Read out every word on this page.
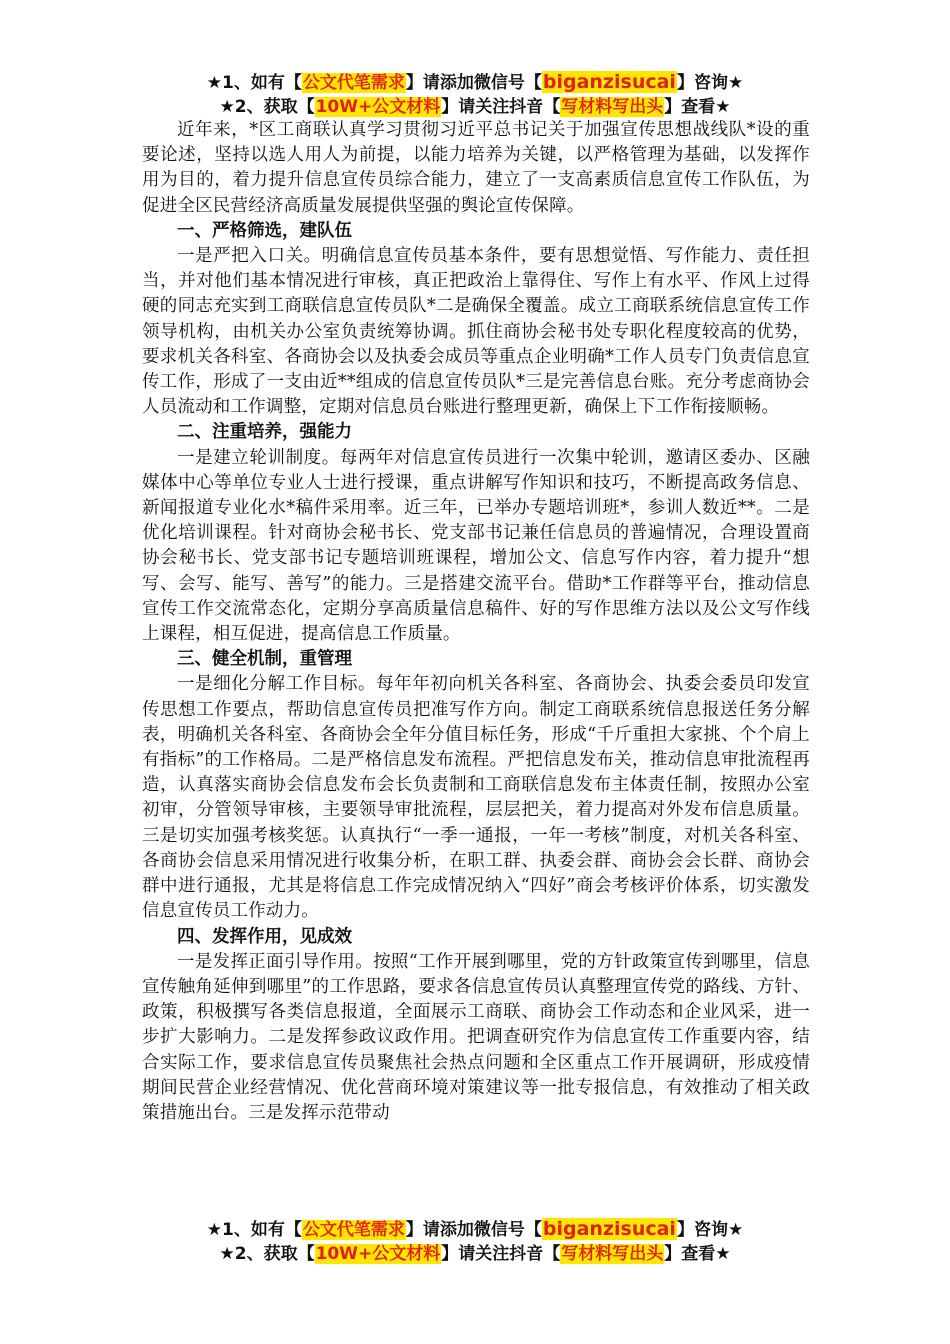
★1、如有【公文代笔需求】请添加微信号【biganzisucai】咨询★
★2、获取【10W+公文材料】请关注抖音【写材料写出头】查看★

近年来，*区工商联认真学习贯彻习近平总书记关于加强宣传思想战线队*设的重要论述，坚持以选人用人为前提，以能力培养为关键，以严格管理为基础，以发挥作用为目的，着力提升信息宣传员综合能力，建立了一支高素质信息宣传工作队伍，为促进全区民营经济高质量发展提供坚强的舆论宣传保障。

一、严格筛选，建队伍

一是严把入口关。明确信息宣传员基本条件，要有思想觉悟、写作能力、责任担当，并对他们基本情况进行审核，真正把政治上靠得住、写作上有水平、作风上过得硬的同志充实到工商联信息宣传员队*二是确保全覆盖。成立工商联系统信息宣传工作领导机构，由机关办公室负责统筹协调。抓住商协会秘书处专职化程度较高的优势，要求机关各科室、各商协会以及执委会成员等重点企业明确*工作人员专门负责信息宣传工作，形成了一支由近**组成的信息宣传员队*三是完善信息台账。充分考虑商协会人员流动和工作调整，定期对信息员台账进行整理更新，确保上下工作衔接顺畅。

二、注重培养，强能力

一是建立轮训制度。每两年对信息宣传员进行一次集中轮训，邀请区委办、区融媒体中心等单位专业人士进行授课，重点讲解写作知识和技巧，不断提高政务信息、新闻报道专业化水*稿件采用率。近三年，已举办专题培训班*，参训人数近**。二是优化培训课程。针对商协会秘书长、党支部书记兼任信息员的普遍情况，合理设置商协会秘书长、党支部书记专题培训班课程，增加公文、信息写作内容，着力提升“想写、会写、能写、善写”的能力。三是搭建交流平台。借助*工作群等平台，推动信息宣传工作交流常态化，定期分享高质量信息稿件、好的写作思维方法以及公文写作线上课程，相互促进，提高信息工作质量。

三、健全机制，重管理

一是细化分解工作目标。每年年初向机关各科室、各商协会、执委会委员印发宣传思想工作要点，帮助信息宣传员把准写作方向。制定工商联系统信息报送任务分解表，明确机关各科室、各商协会全年分值目标任务，形成“千斤重担大家挑、个个肩上有指标”的工作格局。二是严格信息发布流程。严把信息发布关，推动信息审批流程再造，认真落实商协会信息发布会长负责制和工商联信息发布主体责任制，按照办公室初审，分管领导审核，主要领导审批流程，层层把关，着力提高对外发布信息质量。三是切实加强考核奖惩。认真执行“一季一通报，一年一考核”制度，对机关各科室、各商协会信息采用情况进行收集分析，在职工群、执委会群、商协会会长群、商协会群中进行通报，尤其是将信息工作完成情况纳入“四好”商会考核评价体系，切实激发信息宣传员工作动力。

四、发挥作用，见成效

一是发挥正面引导作用。按照“工作开展到哪里，党的方针政策宣传到哪里，信息宣传触角延伸到哪里”的工作思路，要求各信息宣传员认真整理宣传党的路线、方针、政策，积极撰写各类信息报道，全面展示工商联、商协会工作动态和企业风采，进一步扩大影响力。二是发挥参政议政作用。把调查研究作为信息宣传工作重要内容，结合实际工作，要求信息宣传员聚焦社会热点问题和全区重点工作开展调研，形成疫情期间民营企业经营情况、优化营商环境对策建议等一批专报信息，有效推动了相关政策措施出台。三是发挥示范带动

★1、如有【公文代笔需求】请添加微信号【biganzisucai】咨询★
★2、获取【10W+公文材料】请关注抖音【写材料写出头】查看★
